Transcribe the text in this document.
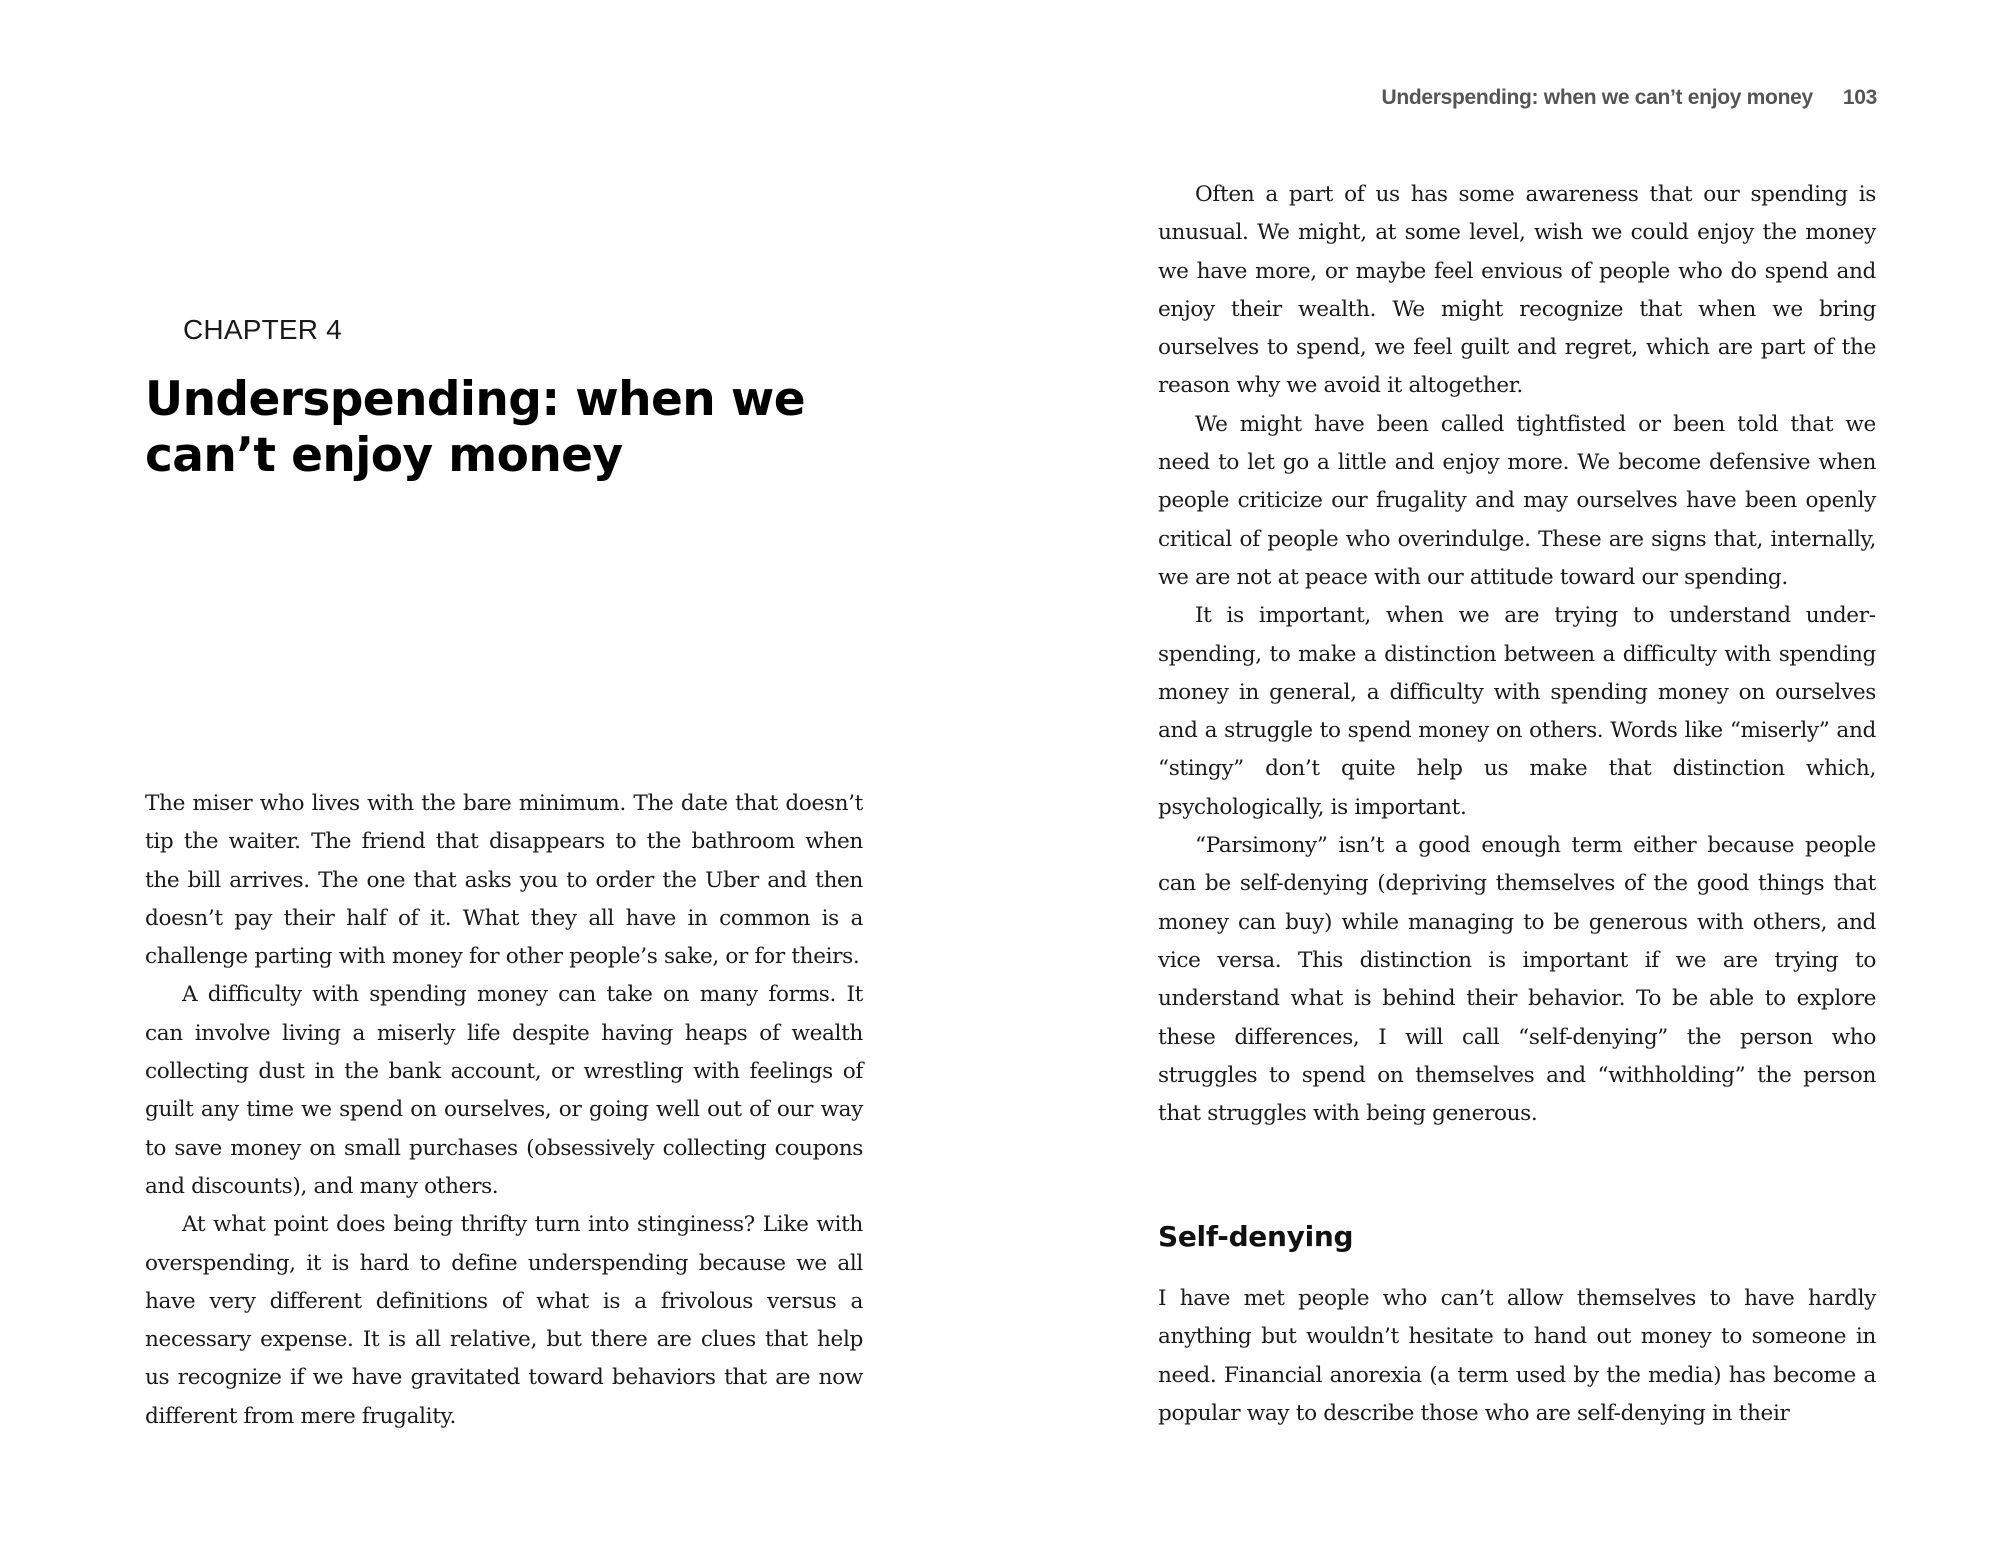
CHAPTER 4
Underspending: when we can’t enjoy money

The miser who lives with the bare minimum. The date that doesn’t tip the waiter. The friend that disappears to the bathroom when the bill arrives. The one that asks you to order the Uber and then doesn’t pay their half of it. What they all have in common is a challenge parting with money for other people’s sake, or for theirs.

A difficulty with spending money can take on many forms. It can involve living a miserly life despite having heaps of wealth collecting dust in the bank account, or wrestling with feelings of guilt any time we spend on ourselves, or going well out of our way to save money on small purchases (obsessively collecting coupons and discounts), and many others.

At what point does being thrifty turn into stinginess? Like with overspending, it is hard to define underspending because we all have very different definitions of what is a frivolous versus a necessary expense. It is all relative, but there are clues that help us recognize if we have gravitated toward behaviors that are now different from mere frugality.

Underspending: when we can’t enjoy money 103

Often a part of us has some awareness that our spending is unusual. We might, at some level, wish we could enjoy the money we have more, or maybe feel envious of people who do spend and enjoy their wealth. We might recognize that when we bring ourselves to spend, we feel guilt and regret, which are part of the reason why we avoid it altogether.

We might have been called tightfisted or been told that we need to let go a little and enjoy more. We become defensive when people criticize our frugality and may ourselves have been openly critical of people who overindulge. These are signs that, internally, we are not at peace with our attitude toward our spending.

It is important, when we are trying to understand underspending, to make a distinction between a difficulty with spending money in general, a difficulty with spending money on ourselves and a struggle to spend money on others. Words like “miserly” and “stingy” don’t quite help us make that distinction which, psychologically, is important.

“Parsimony” isn’t a good enough term either because people can be self-denying (depriving themselves of the good things that money can buy) while managing to be generous with others, and vice versa. This distinction is important if we are trying to understand what is behind their behavior. To be able to explore these differences, I will call “self-denying” the person who struggles to spend on themselves and “withholding” the person that struggles with being generous.

Self-denying

I have met people who can’t allow themselves to have hardly anything but wouldn’t hesitate to hand out money to someone in need. Financial anorexia (a term used by the media) has become a popular way to describe those who are self-denying in their
